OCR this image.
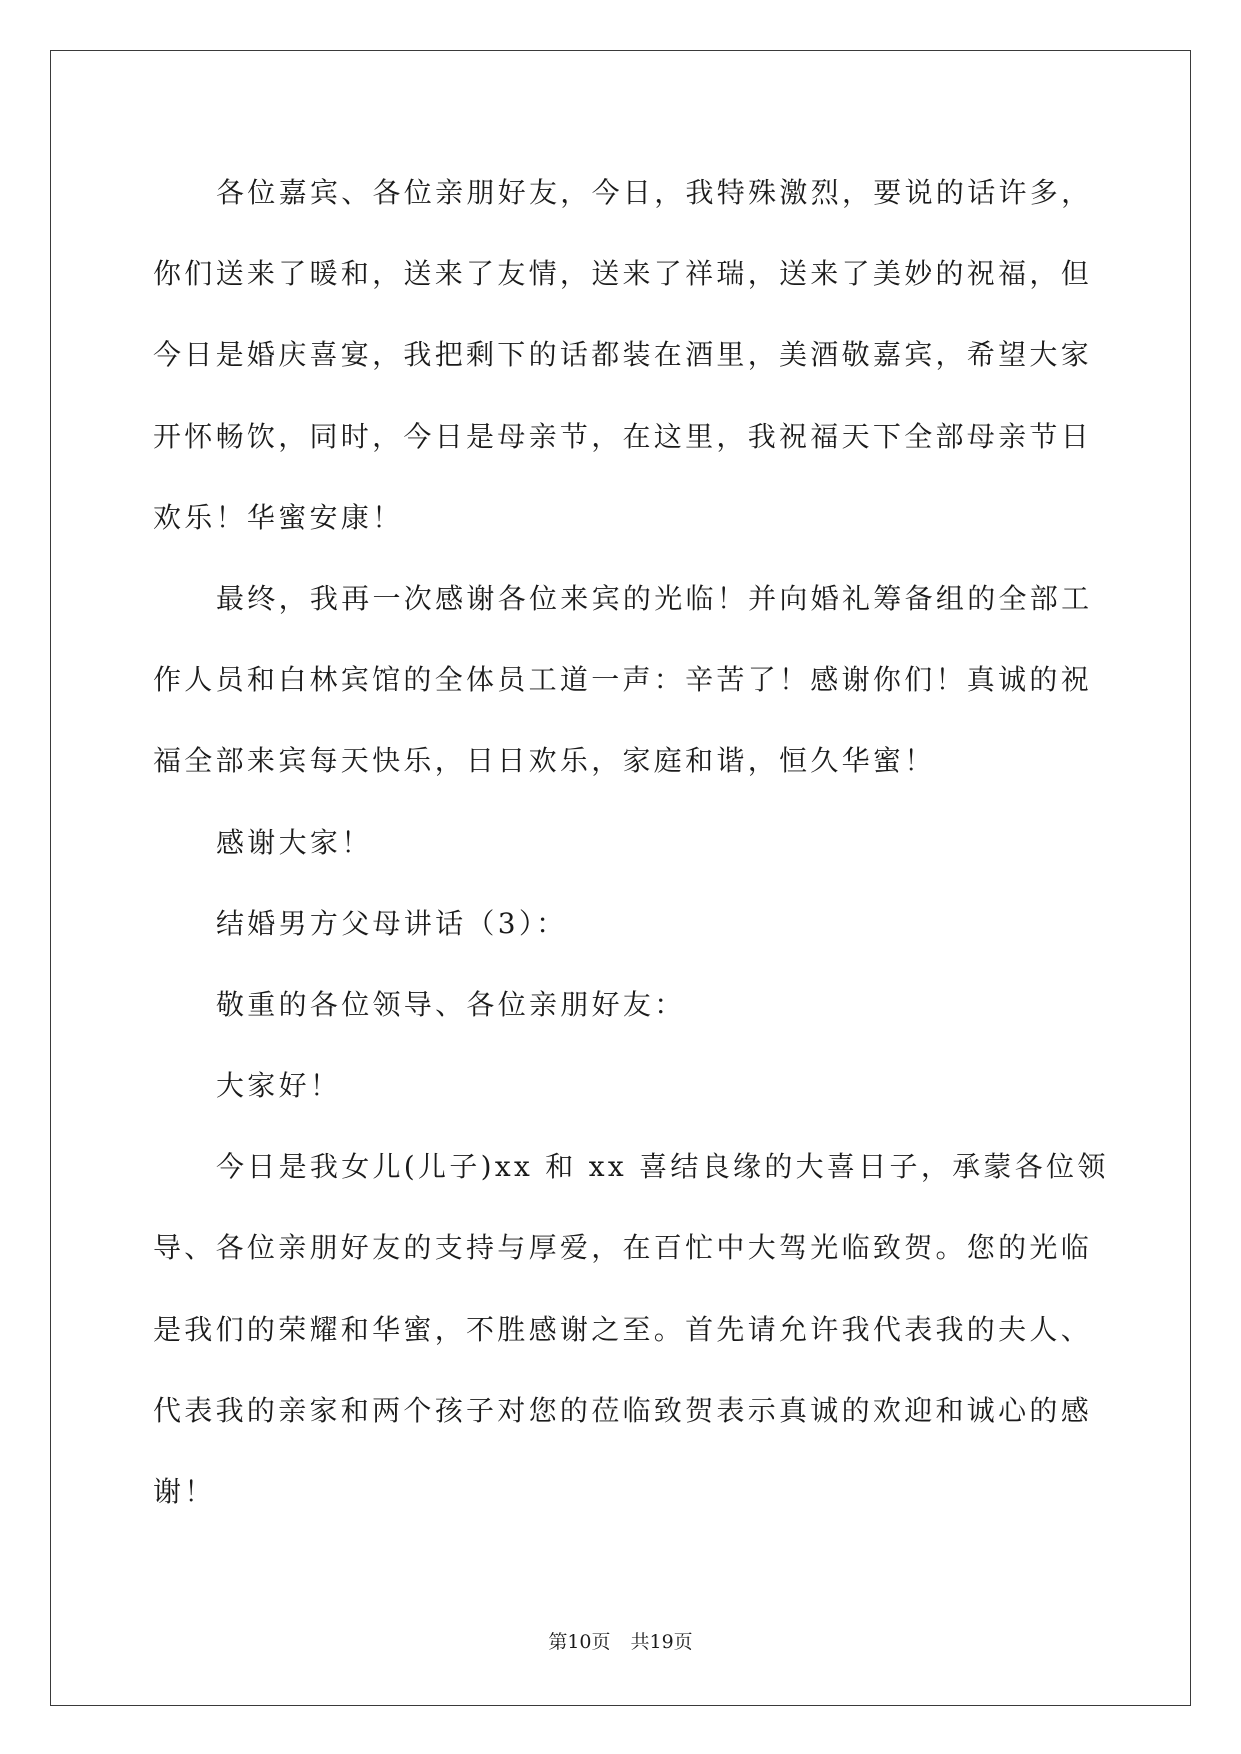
各位嘉宾、各位亲朋好友，今日，我特殊激烈，要说的话许多，
你们送来了暖和，送来了友情，送来了祥瑞，送来了美妙的祝福，但
今日是婚庆喜宴，我把剩下的话都装在酒里，美酒敬嘉宾，希望大家
开怀畅饮，同时，今日是母亲节，在这里，我祝福天下全部母亲节日
欢乐！华蜜安康！
最终，我再一次感谢各位来宾的光临！并向婚礼筹备组的全部工
作人员和白林宾馆的全体员工道一声：辛苦了！感谢你们！真诚的祝
福全部来宾每天快乐，日日欢乐，家庭和谐，恒久华蜜！
感谢大家！
结婚男方父母讲话（3）：
敬重的各位领导、各位亲朋好友：
大家好！
今日是我女儿(儿子)xx 和 xx 喜结良缘的大喜日子，承蒙各位领
导、各位亲朋好友的支持与厚爱，在百忙中大驾光临致贺。您的光临
是我们的荣耀和华蜜，不胜感谢之至。首先请允许我代表我的夫人、
代表我的亲家和两个孩子对您的莅临致贺表示真诚的欢迎和诚心的感
谢！
第10页 共19页
